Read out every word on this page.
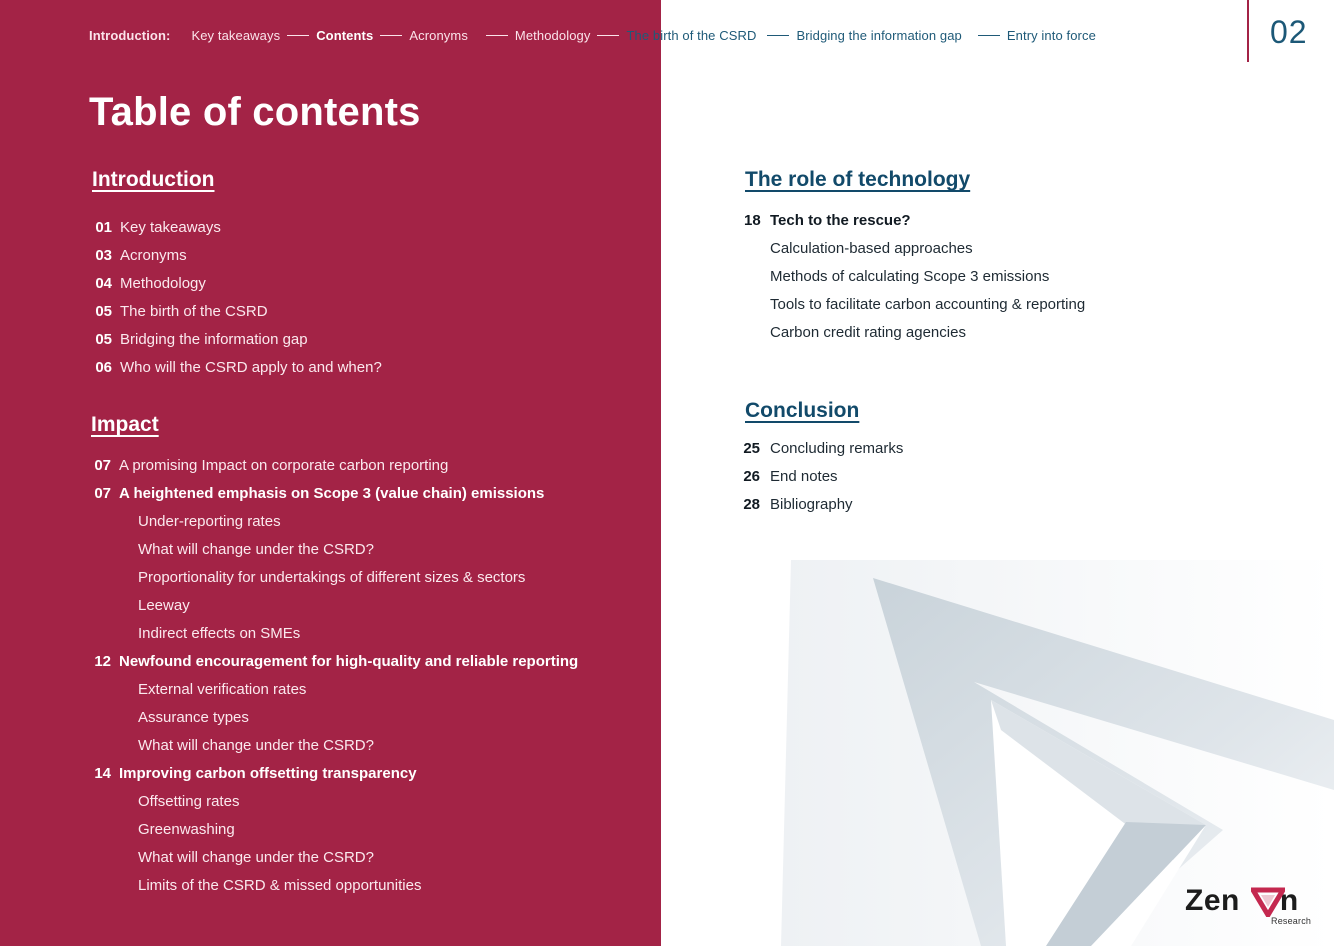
Introduction: Key takeaways	Contents	Acronyms	Methodology	The birth of the CSRD	Bridging the information gap	Entry into force	02
Table of contents
Introduction
01 Key takeaways
03 Acronyms
04 Methodology
05 The birth of the CSRD
05 Bridging the information gap
06 Who will the CSRD apply to and when?
Impact
07 A promising Impact on corporate carbon reporting
07 A heightened emphasis on Scope 3 (value chain) emissions
Under-reporting rates
What will change under the CSRD?
Proportionality for undertakings of different sizes & sectors
Leeway
Indirect effects on SMEs
12 Newfound encouragement for high-quality and reliable reporting
External verification rates
Assurance types
What will change under the CSRD?
14 Improving carbon offsetting transparency
Offsetting rates
Greenwashing
What will change under the CSRD?
Limits of the CSRD & missed opportunities
The role of technology
18 Tech to the rescue?
Calculation-based approaches
Methods of calculating Scope 3 emissions
Tools to facilitate carbon accounting & reporting
Carbon credit rating agencies
Conclusion
25 Concluding remarks
26 End notes
28 Bibliography
Zen n
Research
